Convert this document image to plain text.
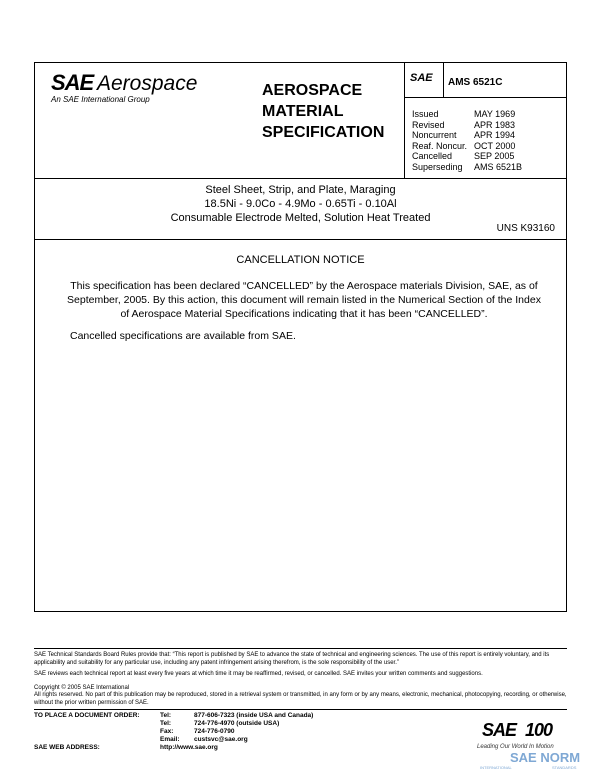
SAE Aerospace
An SAE International Group
AEROSPACE
MATERIAL
SPECIFICATION
SAE AMS 6521C
Issued	MAY 1969
Revised	APR 1983
Noncurrent	APR 1994
Reaf. Noncur. OCT 2000
Cancelled	SEP 2005
Superseding	AMS 6521B
Steel Sheet, Strip, and Plate, Maraging
18.5Ni - 9.0Co - 4.9Mo - 0.65Ti - 0.10Al
Consumable Electrode Melted, Solution Heat Treated
UNS K93160
CANCELLATION NOTICE
This specification has been declared “CANCELLED” by the Aerospace materials Division, SAE, as of September, 2005. By this action, this document will remain listed in the Numerical Section of the Index of Aerospace Material Specifications indicating that it has been “CANCELLED”.
Cancelled specifications are available from SAE.
SAE Technical Standards Board Rules provide that: “This report is published by SAE to advance the state of technical and engineering sciences. The use of this report is entirely voluntary, and its applicability and suitability for any particular use, including any patent infringement arising therefrom, is the sole responsibility of the user.”
SAE reviews each technical report at least every five years at which time it may be reaffirmed, revised, or cancelled. SAE invites your written comments and suggestions.
Copyright © 2005 SAE International
All rights reserved. No part of this publication may be reproduced, stored in a retrieval system or transmitted, in any form or by any means, electronic, mechanical, photocopying, recording, or otherwise, without the prior written permission of SAE.
TO PLACE A DOCUMENT ORDER:	Tel:	877-606-7323 (inside USA and Canada)
Tel:	724-776-4970 (outside USA)
Fax:	724-776-0790
Email: custsvc@sae.org
SAE WEB ADDRESS:	http://www.sae.org
SAE 100
Leading Our World In Motion
SAE NORM
INTERNATIONAL	STANDARDS
